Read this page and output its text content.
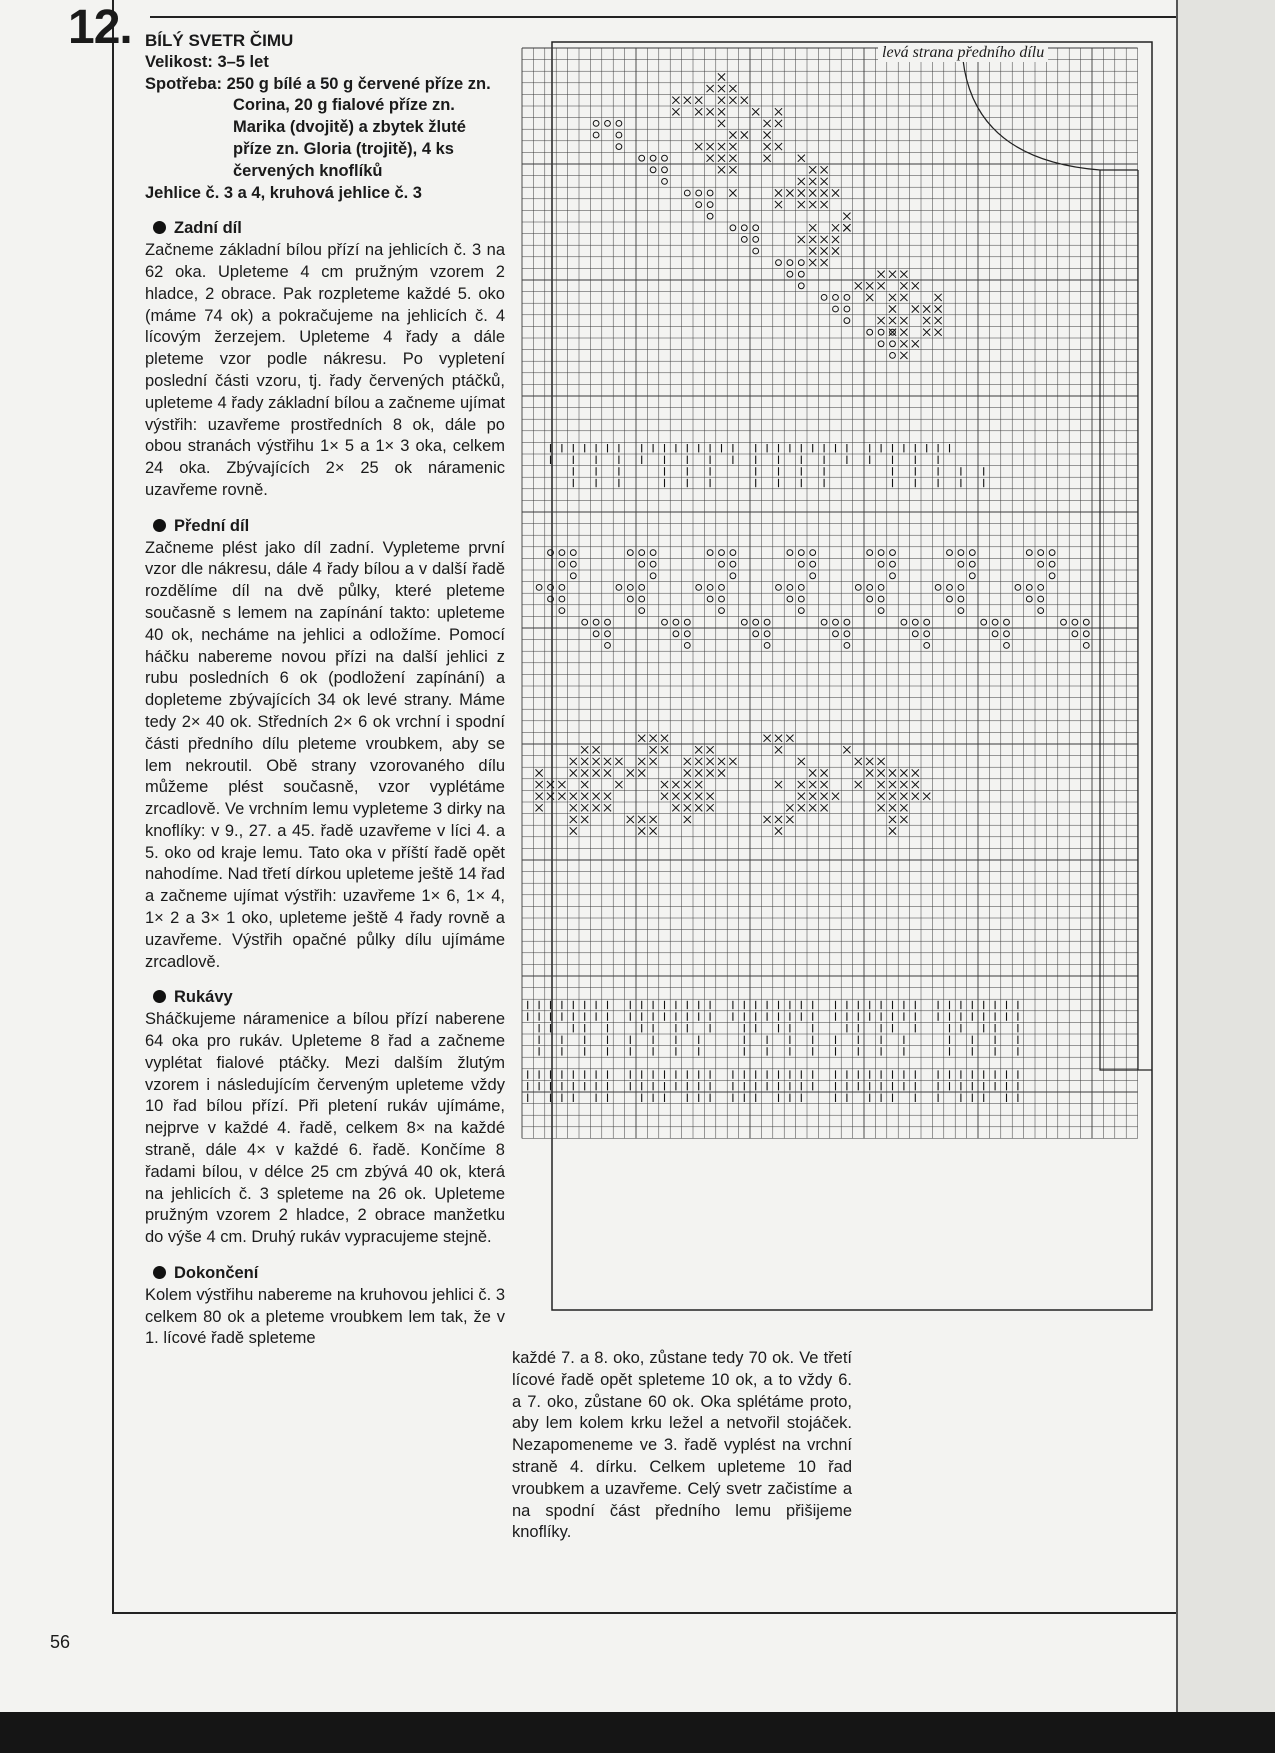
12. BÍLÝ SVETR ČIMU

Velikost: 3–5 let

Spotřeba: 250 g bílé a 50 g červené příze zn. Corina, 20 g fialové příze zn. Marika (dvojitě) a zbytek žluté příze zn. Gloria (trojitě), 4 ks červených knoflíků

Jehlice č. 3 a 4, kruhová jehlice č. 3

Zadní díl

Začneme základní bílou přízí na jehlicích č. 3 na 62 oka. Upleteme 4 cm pružným vzorem 2 hladce, 2 obrace. Pak rozpleteme každé 5. oko (máme 74 ok) a pokračujeme na jehlicích č. 4 lícovým žerzejem. Upleteme 4 řady a dále pleteme vzor podle nákresu. Po vypletení poslední části vzoru, tj. řady červených ptáčků, upleteme 4 řady základní bílou a začneme ujímat výstřih: uzavřeme prostředních 8 ok, dále po obou stranách výstřihu 1× 5 a 1× 3 oka, celkem 24 oka. Zbývajících 2× 25 ok náramenic uzavřeme rovně.

Přední díl

Začneme plést jako díl zadní. Vypleteme první vzor dle nákresu, dále 4 řady bílou a v další řadě rozdělíme díl na dvě půlky, které pleteme současně s lemem na zapínání takto: upleteme 40 ok, necháme na jehlici a odložíme. Pomocí háčku nabereme novou přízi na další jehlici z rubu posledních 6 ok (podložení zapínání) a dopleteme zbývajících 34 ok levé strany. Máme tedy 2× 40 ok. Středních 2× 6 ok vrchní i spodní části předního dílu pleteme vroubkem, aby se lem nekroutil. Obě strany vzorovaného dílu můžeme plést současně, vzor vyplétáme zrcadlově. Ve vrchním lemu vypleteme 3 dirky na knoflíky: v 9., 27. a 45. řadě uzavřeme v líci 4. a 5. oko od kraje lemu. Tato oka v příští řadě opět nahodíme. Nad třetí dírkou upleteme ještě 14 řad a začneme ujímat výstřih: uzavřeme 1× 6, 1× 4, 1× 2 a 3× 1 oko, upleteme ještě 4 řady rovně a uzavřeme. Výstřih opačné půlky dílu ujímáme zrcadlově.

Rukávy

Sháčkujeme náramenice a bílou přízí naberene 64 oka pro rukáv. Upleteme 8 řad a začneme vyplétat fialové ptáčky. Mezi dalším žlutým vzorem i následujícím červeným upleteme vždy 10 řad bílou přízí. Při pletení rukáv ujímáme, nejprve v každé 4. řadě, celkem 8× na každé straně, dále 4× v každé 6. řadě. Končíme 8 řadami bílou, v délce 25 cm zbývá 40 ok, která na jehlicích č. 3 spleteme na 26 ok. Upleteme pružným vzorem 2 hladce, 2 obrace manžetku do výše 4 cm. Druhý rukáv vypracujeme stejně.

Dokončení

Kolem výstřihu nabereme na kruhovou jehlici č. 3 celkem 80 ok a pleteme vroubkem lem tak, že v 1. lícové řadě spleteme

každé 7. a 8. oko, zůstane tedy 70 ok. Ve třetí lícové řadě opět spleteme 10 ok, a to vždy 6. a 7. oko, zůstane 60 ok. Oka splétáme proto, aby lem kolem krku ležel a netvořil stojáček. Nezapomeneme ve 3. řadě vyplést na vrchní straně 4. dírku. Celkem upleteme 10 řad vroubkem a uzavřeme. Celý svetr začistíme a na spodní část předního lemu přišijeme knoflíky.

levá strana předního dílu
56
